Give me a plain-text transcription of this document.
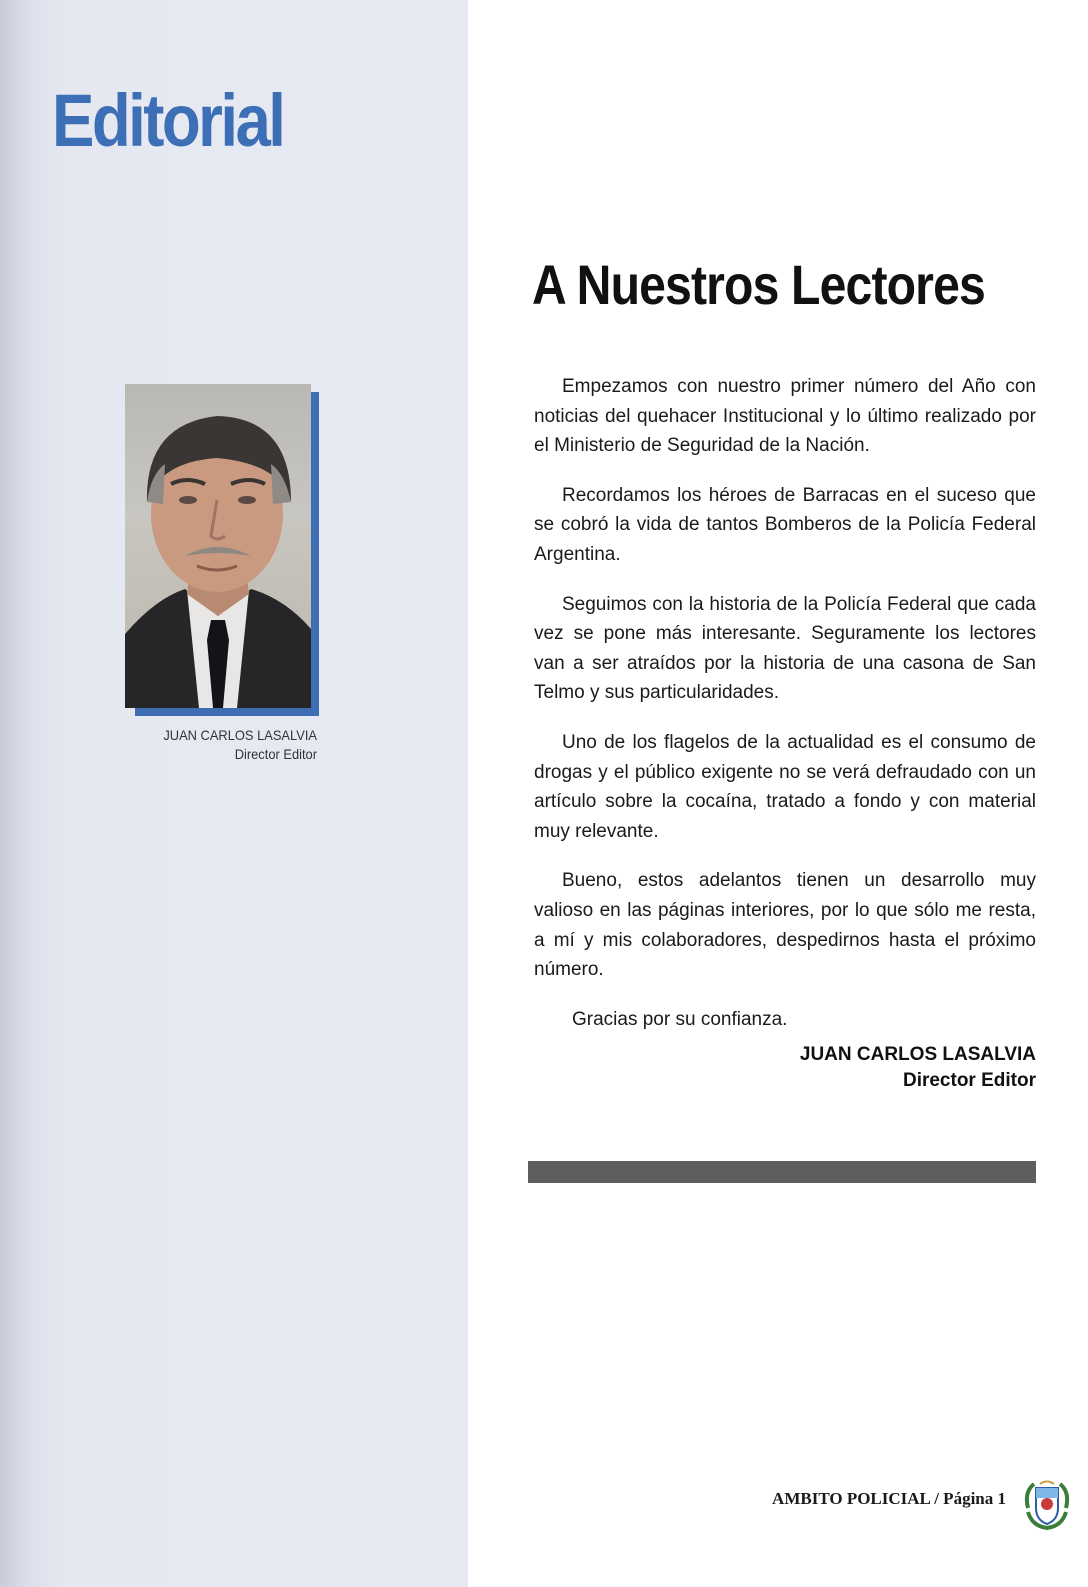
Editorial
JUAN CARLOS LASALVIA
Director Editor
A Nuestros Lectores

Empezamos con nuestro primer número del Año con noticias del quehacer Institucional y lo último realizado por el Ministerio de Seguridad de la Nación.

Recordamos los héroes de Barracas en el suceso que se cobró la vida de tantos Bomberos de la Policía Federal Argentina.

Seguimos con la historia de la Policía Federal que cada vez se pone más interesante. Seguramente los lectores van a ser atraídos por la historia de una casona de San Telmo y sus particularidades.

Uno de los flagelos de la actualidad es el consumo de drogas y el público exigente no se verá defraudado con un artículo sobre la cocaína, tratado a fondo y con material muy relevante.

Bueno, estos adelantos tienen un desarrollo muy valioso en las páginas interiores, por lo que sólo me resta, a mí y mis colaboradores, despedirnos hasta el próximo número.

Gracias por su confianza.

JUAN CARLOS LASALVIA
Director Editor
AMBITO POLICIAL / Página 1
